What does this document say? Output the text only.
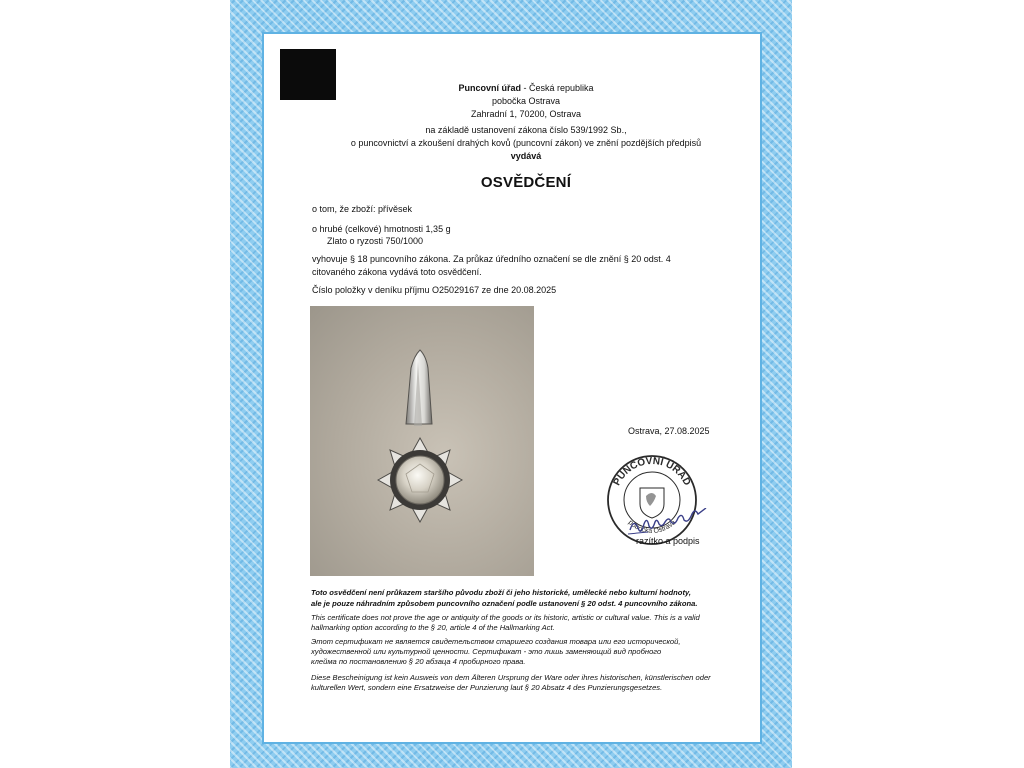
Puncovní úřad - Česká republika
pobočka Ostrava
Zahradní 1, 70200, Ostrava
na základě ustanovení zákona číslo 539/1992 Sb.,
o puncovnictví a zkoušení drahých kovů (puncovní zákon) ve znění pozdějších předpisů
vydává
OSVĚDČENÍ
o tom, že zboží: přívěsek
o hrubé (celkové) hmotnosti 1,35 g
Zlato o ryzosti 750/1000
vyhovuje § 18 puncovního zákona. Za průkaz úředního označení se dle znění § 20 odst. 4
citovaného zákona vydává toto osvědčení.
Číslo položky v deníku příjmu O25029167 ze dne 20.08.2025
Ostrava, 27.08.2025
PUNCOVNÍ ÚŘAD
pobočka Ostrava
razítko a podpis
Toto osvědčení není průkazem staršího původu zboží či jeho historické, umělecké nebo kulturní hodnoty,
ale je pouze náhradním způsobem puncovního označení podle ustanovení § 20 odst. 4 puncovního zákona.
This certificate does not prove the age or antiquity of the goods or its historic, artistic or cultural value. This is a valid
hallmarking option according to the § 20, article 4 of the Hallmarking Act.
Этот сертификат не является свидетельством старшего создания товара или его исторической,
художественной или культурной ценности. Сертификат - это лишь заменяющий вид пробного
клейма по постановлению § 20 абзаца 4 пробирного права.
Diese Bescheinigung ist kein Ausweis von dem Älteren Ursprung der Ware oder ihres historischen, künstlerischen oder
kulturellen Wert, sondern eine Ersatzweise der Punzierung laut § 20 Absatz 4 des Punzierungsgesetzes.
